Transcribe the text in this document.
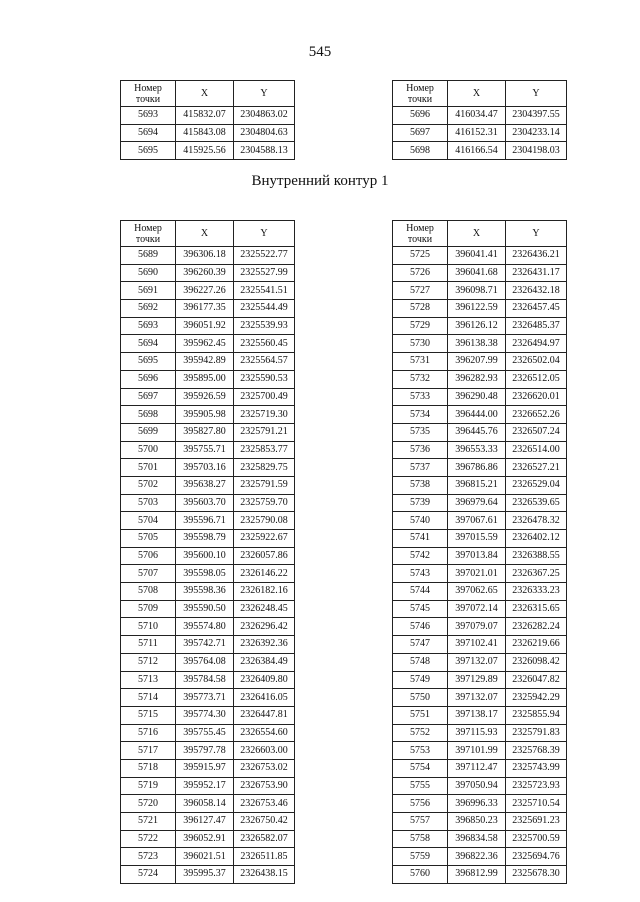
545
Внутренний контур 1
Номер
точки	X	Y
5693	415832.07	2304863.02
5694	415843.08	2304804.63
5695	415925.56	2304588.13
Номер
точки	X	Y
5696	416034.47	2304397.55
5697	416152.31	2304233.14
5698	416166.54	2304198.03
Номер
точки	X	Y
5689	396306.18	2325522.77
5690	396260.39	2325527.99
5691	396227.26	2325541.51
5692	396177.35	2325544.49
5693	396051.92	2325539.93
5694	395962.45	2325560.45
5695	395942.89	2325564.57
5696	395895.00	2325590.53
5697	395926.59	2325700.49
5698	395905.98	2325719.30
5699	395827.80	2325791.21
5700	395755.71	2325853.77
5701	395703.16	2325829.75
5702	395638.27	2325791.59
5703	395603.70	2325759.70
5704	395596.71	2325790.08
5705	395598.79	2325922.67
5706	395600.10	2326057.86
5707	395598.05	2326146.22
5708	395598.36	2326182.16
5709	395590.50	2326248.45
5710	395574.80	2326296.42
5711	395742.71	2326392.36
5712	395764.08	2326384.49
5713	395784.58	2326409.80
5714	395773.71	2326416.05
5715	395774.30	2326447.81
5716	395755.45	2326554.60
5717	395797.78	2326603.00
5718	395915.97	2326753.02
5719	395952.17	2326753.90
5720	396058.14	2326753.46
5721	396127.47	2326750.42
5722	396052.91	2326582.07
5723	396021.51	2326511.85
5724	395995.37	2326438.15
Номер
точки	X	Y
5725	396041.41	2326436.21
5726	396041.68	2326431.17
5727	396098.71	2326432.18
5728	396122.59	2326457.45
5729	396126.12	2326485.37
5730	396138.38	2326494.97
5731	396207.99	2326502.04
5732	396282.93	2326512.05
5733	396290.48	2326620.01
5734	396444.00	2326652.26
5735	396445.76	2326507.24
5736	396553.33	2326514.00
5737	396786.86	2326527.21
5738	396815.21	2326529.04
5739	396979.64	2326539.65
5740	397067.61	2326478.32
5741	397015.59	2326402.12
5742	397013.84	2326388.55
5743	397021.01	2326367.25
5744	397062.65	2326333.23
5745	397072.14	2326315.65
5746	397079.07	2326282.24
5747	397102.41	2326219.66
5748	397132.07	2326098.42
5749	397129.89	2326047.82
5750	397132.07	2325942.29
5751	397138.17	2325855.94
5752	397115.93	2325791.83
5753	397101.99	2325768.39
5754	397112.47	2325743.99
5755	397050.94	2325723.93
5756	396996.33	2325710.54
5757	396850.23	2325691.23
5758	396834.58	2325700.59
5759	396822.36	2325694.76
5760	396812.99	2325678.30
